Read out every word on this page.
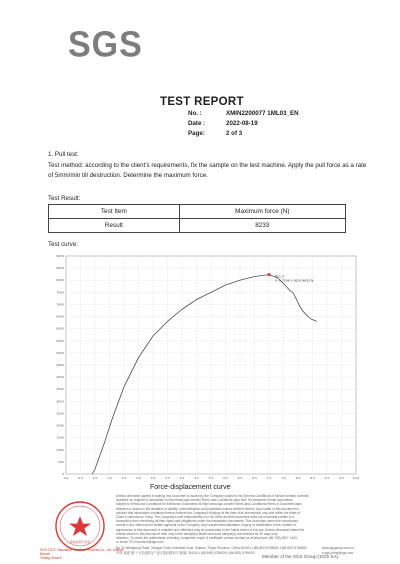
SGS
TEST REPORT
No. :	XMIN2200077 1ML03_EN
Date :	2022-08-19
Page:	2 of 3
1. Pull test:
Test method: according to the client's requirements, fix the sample on the test machine. Apply the pull force as a rate of 5mm/min till destruction. Determine the maximum force.
Test Result:
Test Item	Maximum force (N)
Result	8233
Test curve:
0
500
1000
1500
2000
2500
3000
3500
4000
4500
5000
5500
6000
6500
7000
7500
8000
8500
9000
0.0	0.5	1.0	1.5	2.0	2.5	3.0	3.5	4.0	4.5	5.0	5.5	6.0	6.5	7.0	7.5	8.0	8.5	9.0	9.5	10.0
最大力
X: 6.7254 Y: 8233.4625 N
Force-displacement curve
检验检测专用章
SGS-CSTC Standards Technical Services Co., Ltd. Xiamen Branch
Testing Service
Unless otherwise agreed in writing, this document is issued by the Company subject to its General Conditions of Service printed overleaf,
available on request or accessible at http://www.sgs.com/en/Terms-and-Conditions.aspx and, for electronic format documents,
subject to Terms and Conditions for Electronic Documents at http://www.sgs.com/en/Terms-and-Conditions/Terms-e-Document.aspx.
Attention is drawn to the limitation of liability, indemnification and jurisdiction issues defined therein. Any holder of this document is
advised that information contained hereon reflects the Company's findings at the time of its intervention only and within the limits of
Client's instructions, if any. The Company's sole responsibility is to its Client and this document does not exonerate parties to a
transaction from exercising all their rights and obligations under the transaction documents. This document cannot be reproduced
except in full, without prior written approval of the Company. Any unauthorized alteration, forgery or falsification of the content or
appearance of this document is unlawful and offenders may be prosecuted to the fullest extent of the law. Unless otherwise stated the
results shown in this test report refer only to the sample(s) tested and such sample(s) are retained for 30 days only.
Attention: To check the authenticity of testing / inspection report & certificate, please contact us at telephone (86-755) 8307 1443,
or email: CN.Doccheck@sgs.com
No.31 Wanghong Road, Xiangan Torch Industrial Zone, Xiamen, Fujian Province, China 361101 t (86-592) 5765000 f (86-592) 5765000
中国·福建·厦门·火炬(翔安)产业区翔岳路31号 邮编: 361101 t (86-592) 5765000 f (86-592) 5765000
www.sgsgroup.com.cn
e sgs.china@sgs.com
Member of the SGS Group (SGS SA)
